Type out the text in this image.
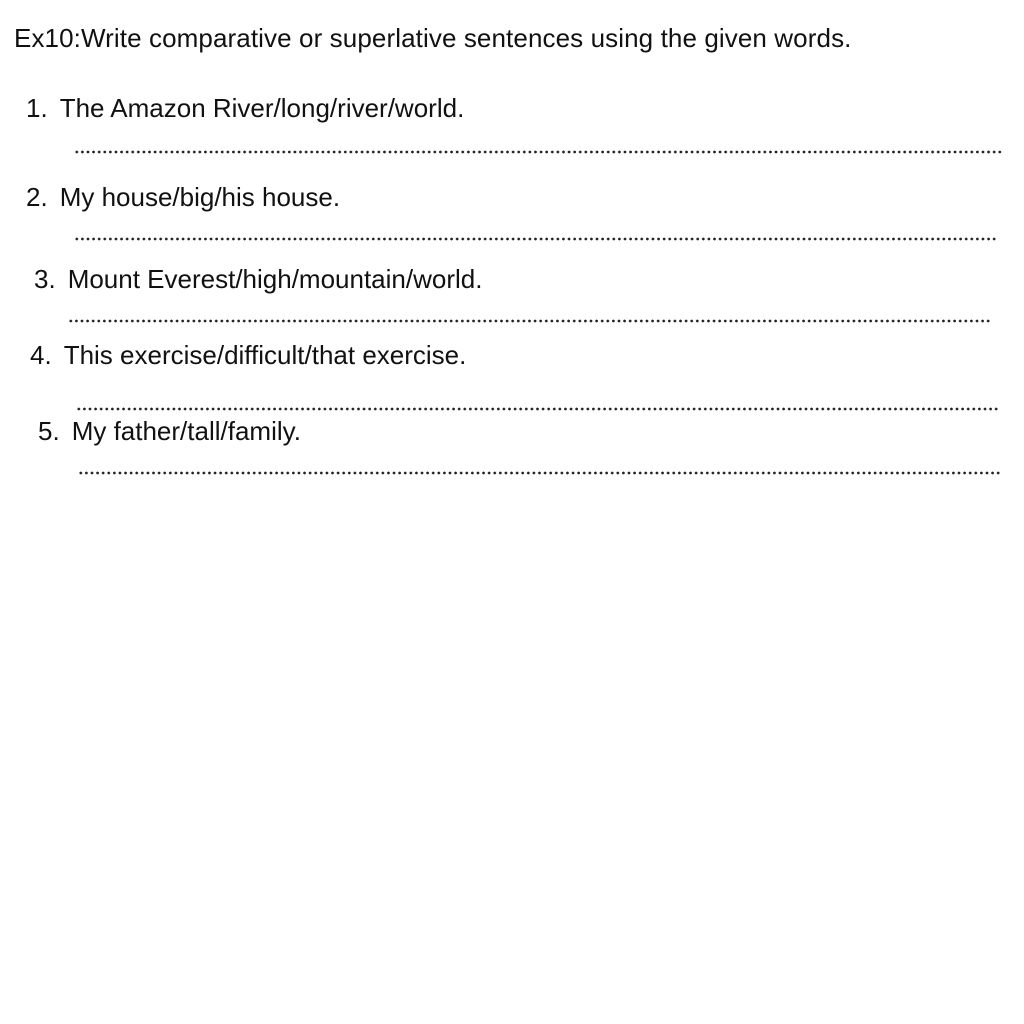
Ex10:Write comparative or superlative sentences using the given words.
1. The Amazon River/long/river/world.
2. My house/big/his house.
3. Mount Everest/high/mountain/world.
4. This exercise/difficult/that exercise.
5. My father/tall/family.
